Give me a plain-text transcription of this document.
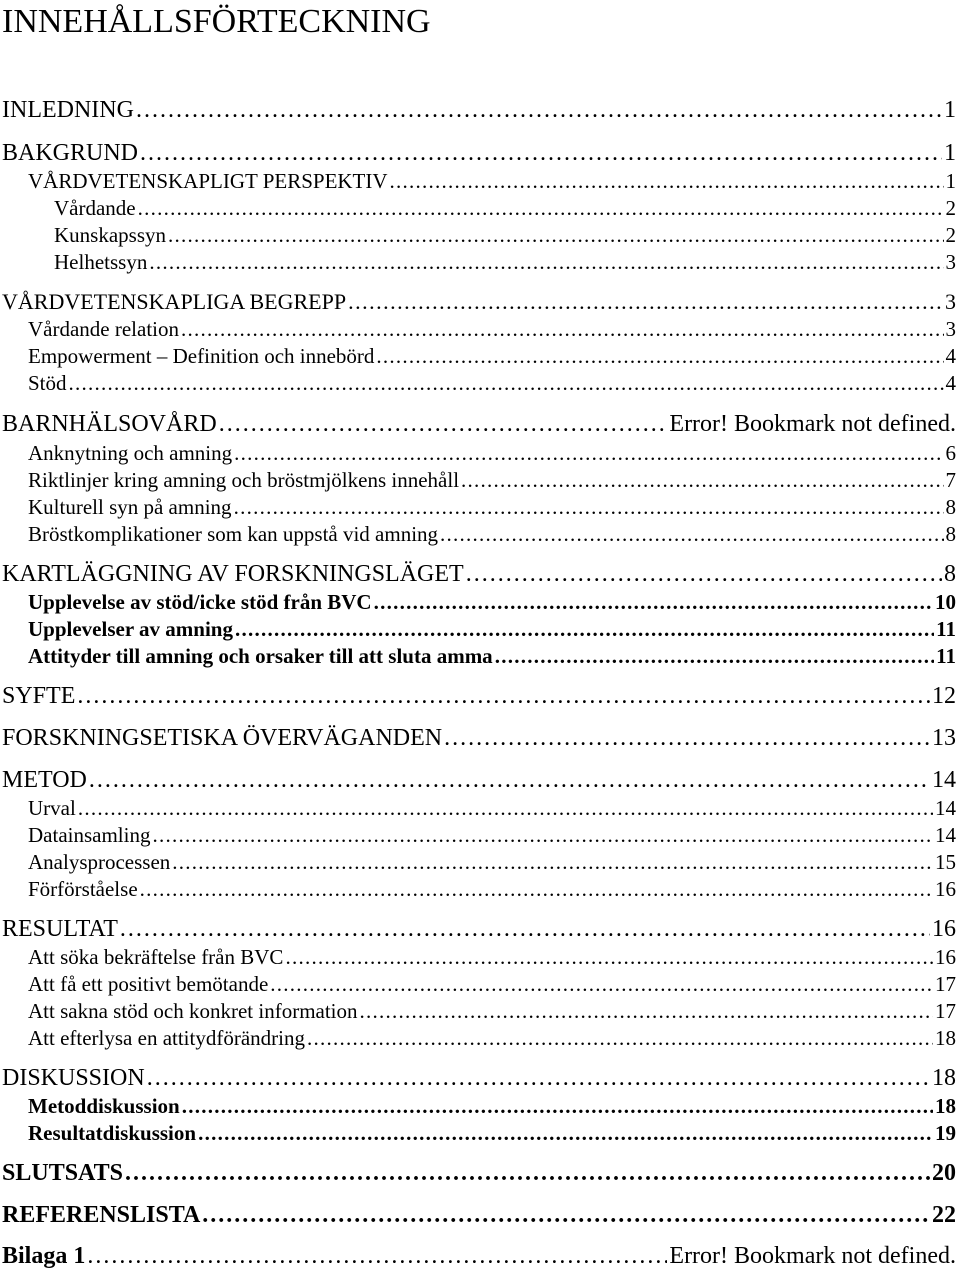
INNEHÅLLSFÖRTECKNING
INLEDNING . . .	1
BAKGRUND . . .	1
VÅRDVETENSKAPLIGT PERSPEKTIV . . .	1
Vårdande . . .	2
Kunskapssyn . . .	2
Helhetssyn . . .	3
VÅRDVETENSKAPLIGA BEGREPP . . .	3
Vårdande relation . . .	3
Empowerment – Definition och innebörd . . .	4
Stöd . . .	4
BARNHÄLSOVÅRD . . .	Error! Bookmark not defined.
Anknytning och amning . . .	6
Riktlinjer kring amning och bröstmjölkens innehåll . . .	7
Kulturell syn på amning . . .	8
Bröstkomplikationer som kan uppstå vid amning . . .	8
KARTLÄGGNING AV FORSKNINGSLÄGET . . .	8
Upplevelse av stöd/icke stöd från BVC . . .	10
Upplevelser av amning . . .	11
Attityder till amning och orsaker till att sluta amma . . .	11
SYFTE . . .	12
FORSKNINGSETISKA ÖVERVÄGANDEN . . .	13
METOD . . .	14
Urval . . .	14
Datainsamling . . .	14
Analysprocessen . . .	15
Förförståelse . . .	16
RESULTAT . . .	16
Att söka bekräftelse från BVC . . .	16
Att få ett positivt bemötande . . .	17
Att sakna stöd och konkret information . . .	17
Att efterlysa en attitydförändring . . .	18
DISKUSSION . . .	18
Metoddiskussion . . .	18
Resultatdiskussion . . .	19
SLUTSATS . . .	20
REFERENSLISTA . . .	22
Bilaga 1 . . .	Error! Bookmark not defined.
